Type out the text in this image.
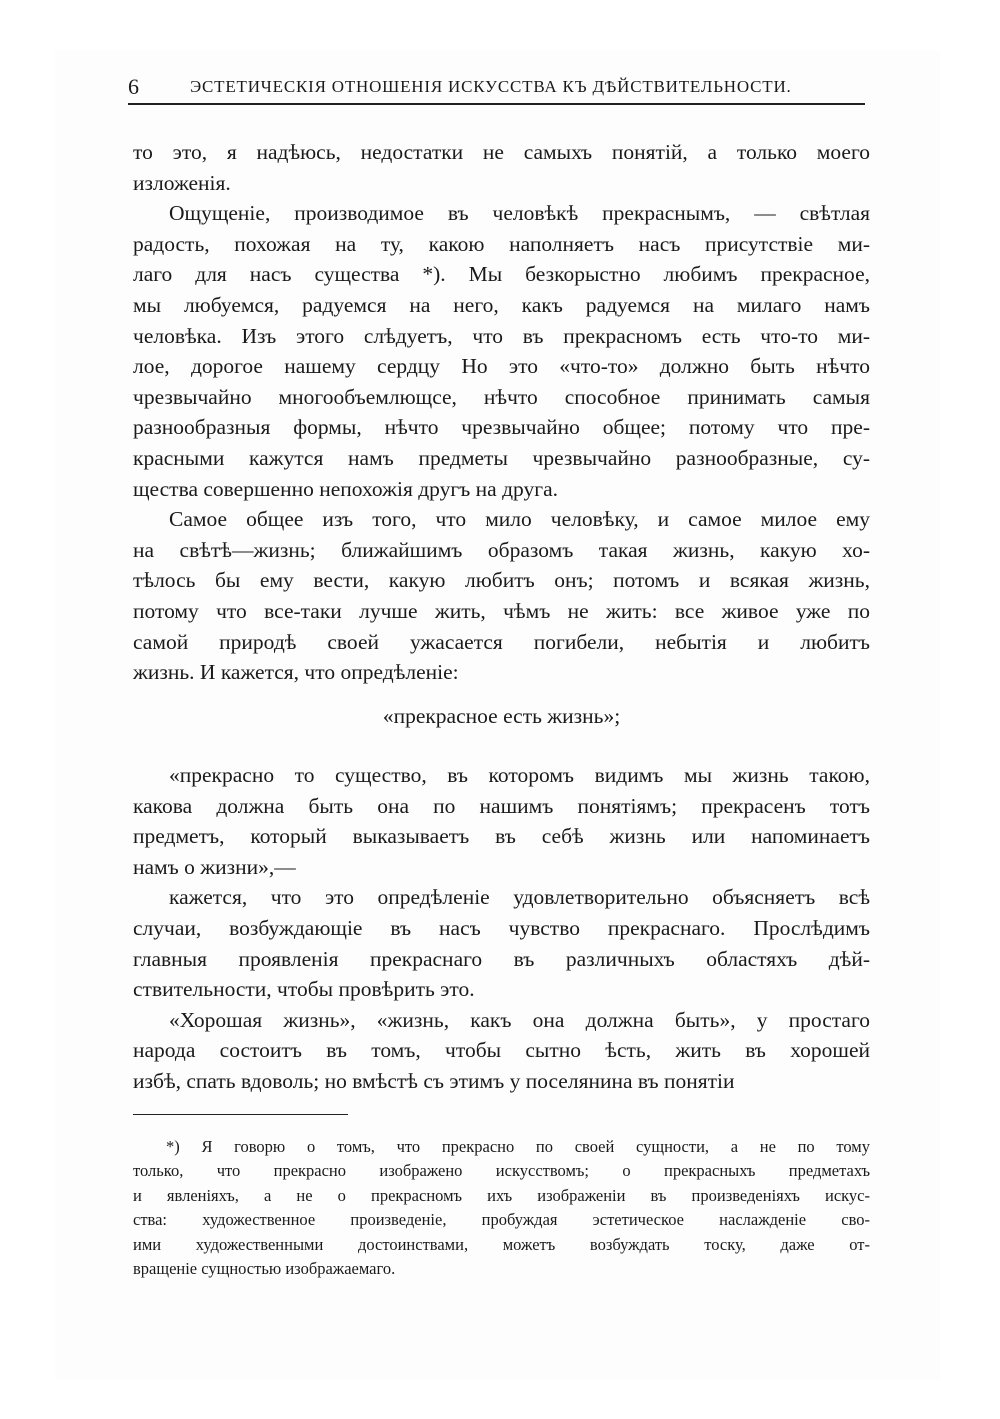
6	ЭСТЕТИЧЕСКІЯ ОТНОШЕНІЯ ИСКУССТВА КЪ ДѢЙСТВИТЕЛЬНОСТИ.
то это, я надѣюсь, недостатки не самыхъ понятій, а только моего
изложенія.
Ощущеніе, производимое въ человѣкѣ прекраснымъ, — свѣтлая
радость, похожая на ту, какою наполняетъ насъ присутствіе ми-
лаго для насъ существа *). Мы безкорыстно любимъ прекрасное,
мы любуемся, радуемся на него, какъ радуемся на милаго намъ
человѣка. Изъ этого слѣдуетъ, что въ прекрасномъ есть что-то ми-
лое, дорогое нашему сердцу Но это «что-то» должно быть нѣчто
чрезвычайно многообъемлющсе, нѣчто способное принимать самыя
разнообразныя формы, нѣчто чрезвычайно общее; потому что пре-
красными кажутся намъ предметы чрезвычайно разнообразные, су-
щества совершенно непохожія другъ на друга.
Самое общее изъ того, что мило человѣку, и самое милое ему
на свѣтѣ—жизнь; ближайшимъ образомъ такая жизнь, какую хо-
тѣлось бы ему вести, какую любитъ онъ; потомъ и всякая жизнь,
потому что все-таки лучше жить, чѣмъ не жить: все живое уже по
самой природѣ своей ужасается погибели, небытія и любитъ
жизнь. И кажется, что опредѣленіе:
«прекрасное есть жизнь»;
«прекрасно то существо, въ которомъ видимъ мы жизнь такою,
какова должна быть она по нашимъ понятіямъ; прекрасенъ тотъ
предметъ, который выказываетъ въ себѣ жизнь или напоминаетъ
намъ о жизни»,—
кажется, что это опредѣленіе удовлетворительно объясняетъ всѣ
случаи, возбуждающіе въ насъ чувство прекраснаго. Прослѣдимъ
главныя проявленія прекраснаго въ различныхъ областяхъ дѣй-
ствительности, чтобы провѣрить это.
«Хорошая жизнь», «жизнь, какъ она должна быть», у простаго
народа состоитъ въ томъ, чтобы сытно ѣсть, жить въ хорошей
избѣ, спать вдоволь; но вмѣстѣ съ этимъ у поселянина въ понятіи
*) Я говорю о томъ, что прекрасно по своей сущности, а не по тому
только, что прекрасно изображено искусствомъ; о прекрасныхъ предметахъ
и явленіяхъ, а не о прекрасномъ ихъ изображеніи въ произведеніяхъ искус-
ства: художественное произведеніе, пробуждая эстетическое наслажденіе сво-
ими художественными достоинствами, можетъ возбуждать тоску, даже от-
вращеніе сущностью изображаемаго.
